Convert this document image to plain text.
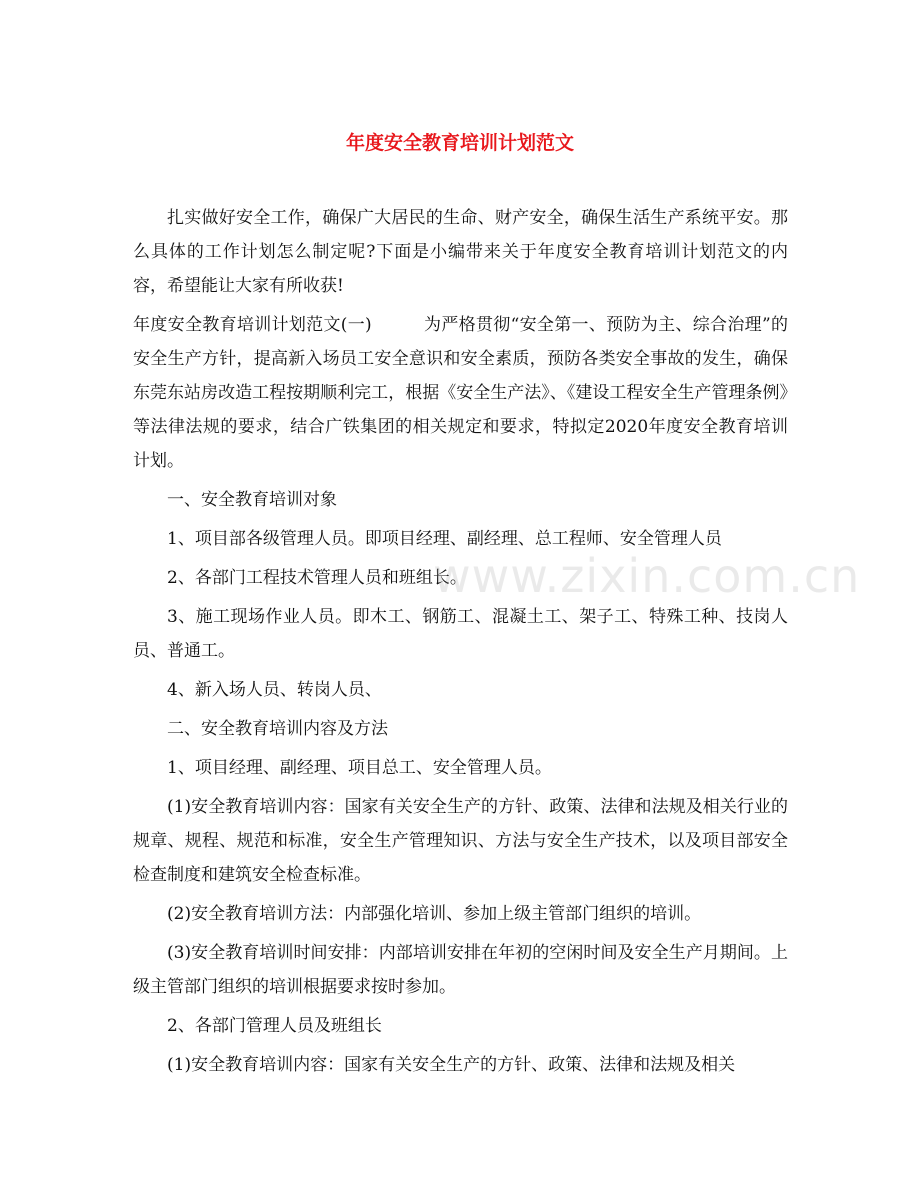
年度安全教育培训计划范文

扎实做好安全工作，确保广大居民的生命、财产安全，确保生活生产系统平安。那么具体的工作计划怎么制定呢?下面是小编带来关于年度安全教育培训计划范文的内容，希望能让大家有所收获!

年度安全教育培训计划范文(一)	为严格贯彻“安全第一、预防为主、综合治理”的安全生产方针，提高新入场员工安全意识和安全素质，预防各类安全事故的发生，确保东莞东站房改造工程按期顺利完工，根据《安全生产法》、《建设工程安全生产管理条例》等法律法规的要求，结合广铁集团的相关规定和要求，特拟定2020年度安全教育培训计划。

一、安全教育培训对象

1、项目部各级管理人员。即项目经理、副经理、总工程师、安全管理人员

2、各部门工程技术管理人员和班组长。

3、施工现场作业人员。即木工、钢筋工、混凝土工、架子工、特殊工种、技岗人员、普通工。

4、新入场人员、转岗人员、

二、安全教育培训内容及方法

1、项目经理、副经理、项目总工、安全管理人员。

(1)安全教育培训内容：国家有关安全生产的方针、政策、法律和法规及相关行业的规章、规程、规范和标准，安全生产管理知识、方法与安全生产技术，以及项目部安全检查制度和建筑安全检查标准。

(2)安全教育培训方法：内部强化培训、参加上级主管部门组织的培训。

(3)安全教育培训时间安排：内部培训安排在年初的空闲时间及安全生产月期间。上级主管部门组织的培训根据要求按时参加。

2、各部门管理人员及班组长

(1)安全教育培训内容：国家有关安全生产的方针、政策、法律和法规及相关

www.zixin.com.cn
